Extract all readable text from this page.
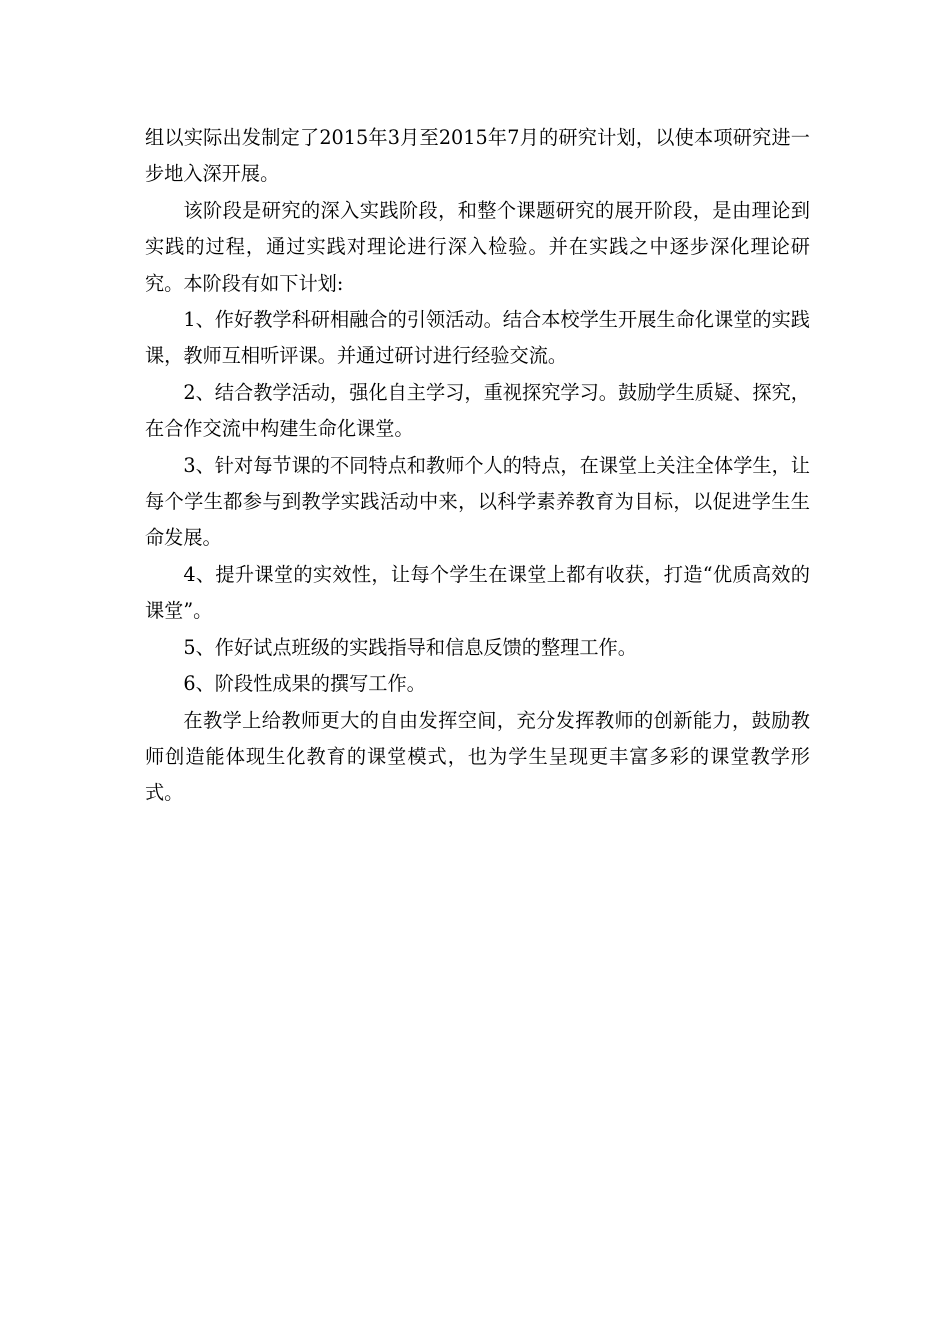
组以实际出发制定了2015年3月至2015年7月的研究计划，以使本项研究进一步地入深开展。

该阶段是研究的深入实践阶段，和整个课题研究的展开阶段，是由理论到实践的过程，通过实践对理论进行深入检验。并在实践之中逐步深化理论研究。本阶段有如下计划:

1、作好教学科研相融合的引领活动。结合本校学生开展生命化课堂的实践课，教师互相听评课。并通过研讨进行经验交流。

2、结合教学活动，强化自主学习，重视探究学习。鼓励学生质疑、探究，在合作交流中构建生命化课堂。

3、针对每节课的不同特点和教师个人的特点，在课堂上关注全体学生，让每个学生都参与到教学实践活动中来，以科学素养教育为目标，以促进学生生命发展。

4、提升课堂的实效性，让每个学生在课堂上都有收获，打造“优质高效的课堂”。

5、作好试点班级的实践指导和信息反馈的整理工作。

6、阶段性成果的撰写工作。

在教学上给教师更大的自由发挥空间，充分发挥教师的创新能力，鼓励教师创造能体现生化教育的课堂模式，也为学生呈现更丰富多彩的课堂教学形式。
